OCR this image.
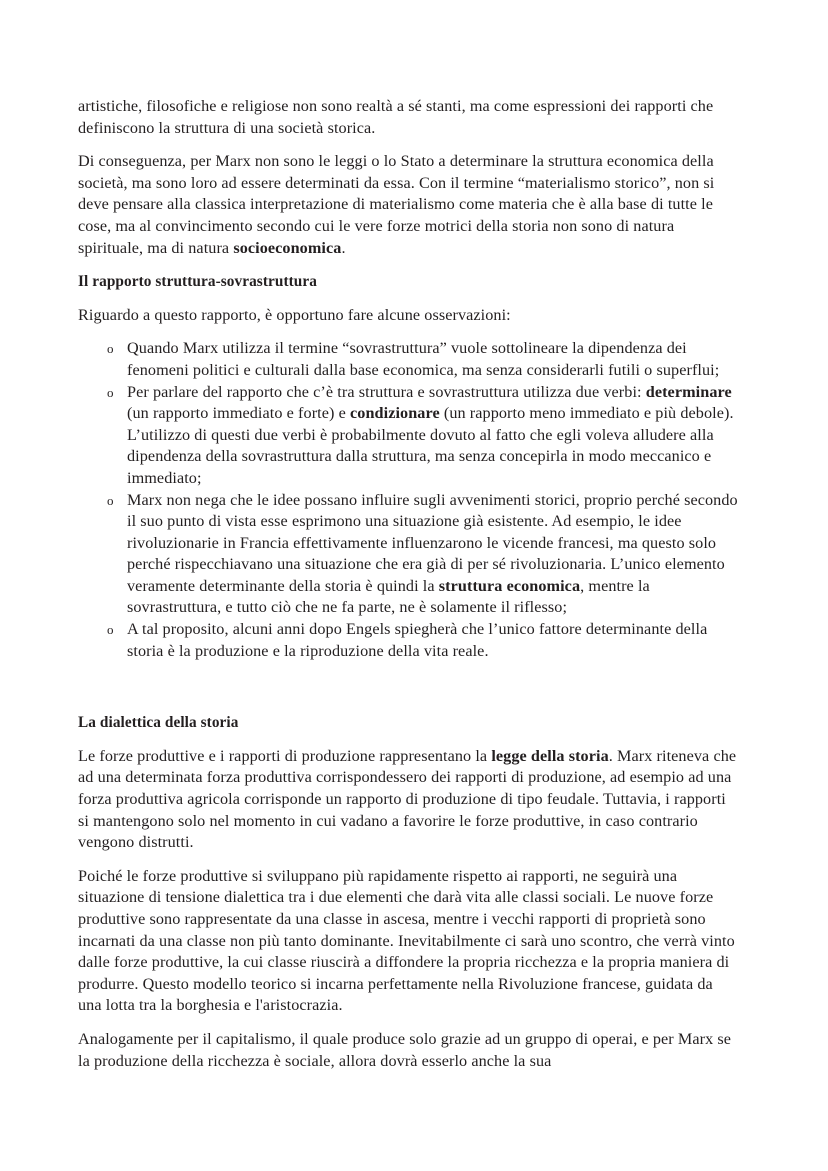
artistiche, filosofiche e religiose non sono realtà a sé stanti, ma come espressioni dei rapporti che definiscono la struttura di una società storica.

Di conseguenza, per Marx non sono le leggi o lo Stato a determinare la struttura economica della società, ma sono loro ad essere determinati da essa. Con il termine “materialismo storico”, non si deve pensare alla classica interpretazione di materialismo come materia che è alla base di tutte le cose, ma al convincimento secondo cui le vere forze motrici della storia non sono di natura spirituale, ma di natura socioeconomica.

Il rapporto struttura-sovrastruttura

Riguardo a questo rapporto, è opportuno fare alcune osservazioni:

o Quando Marx utilizza il termine “sovrastruttura” vuole sottolineare la dipendenza dei fenomeni politici e culturali dalla base economica, ma senza considerarli futili o superflui;
o Per parlare del rapporto che c’è tra struttura e sovrastruttura utilizza due verbi: determinare (un rapporto immediato e forte) e condizionare (un rapporto meno immediato e più debole). L’utilizzo di questi due verbi è probabilmente dovuto al fatto che egli voleva alludere alla dipendenza della sovrastruttura dalla struttura, ma senza concepirla in modo meccanico e immediato;
o Marx non nega che le idee possano influire sugli avvenimenti storici, proprio perché secondo il suo punto di vista esse esprimono una situazione già esistente. Ad esempio, le idee rivoluzionarie in Francia effettivamente influenzarono le vicende francesi, ma questo solo perché rispecchiavano una situazione che era già di per sé rivoluzionaria. L’unico elemento veramente determinante della storia è quindi la struttura economica, mentre la sovrastruttura, e tutto ciò che ne fa parte, ne è solamente il riflesso;
o A tal proposito, alcuni anni dopo Engels spiegherà che l’unico fattore determinante della storia è la produzione e la riproduzione della vita reale.
La dialettica della storia

Le forze produttive e i rapporti di produzione rappresentano la legge della storia. Marx riteneva che ad una determinata forza produttiva corrispondessero dei rapporti di produzione, ad esempio ad una forza produttiva agricola corrisponde un rapporto di produzione di tipo feudale. Tuttavia, i rapporti si mantengono solo nel momento in cui vadano a favorire le forze produttive, in caso contrario vengono distrutti.

Poiché le forze produttive si sviluppano più rapidamente rispetto ai rapporti, ne seguirà una situazione di tensione dialettica tra i due elementi che darà vita alle classi sociali. Le nuove forze produttive sono rappresentate da una classe in ascesa, mentre i vecchi rapporti di proprietà sono incarnati da una classe non più tanto dominante. Inevitabilmente ci sarà uno scontro, che verrà vinto dalle forze produttive, la cui classe riuscirà a diffondere la propria ricchezza e la propria maniera di produrre. Questo modello teorico si incarna perfettamente nella Rivoluzione francese, guidata da una lotta tra la borghesia e l'aristocrazia.

Analogamente per il capitalismo, il quale produce solo grazie ad un gruppo di operai, e per Marx se la produzione della ricchezza è sociale, allora dovrà esserlo anche la sua
